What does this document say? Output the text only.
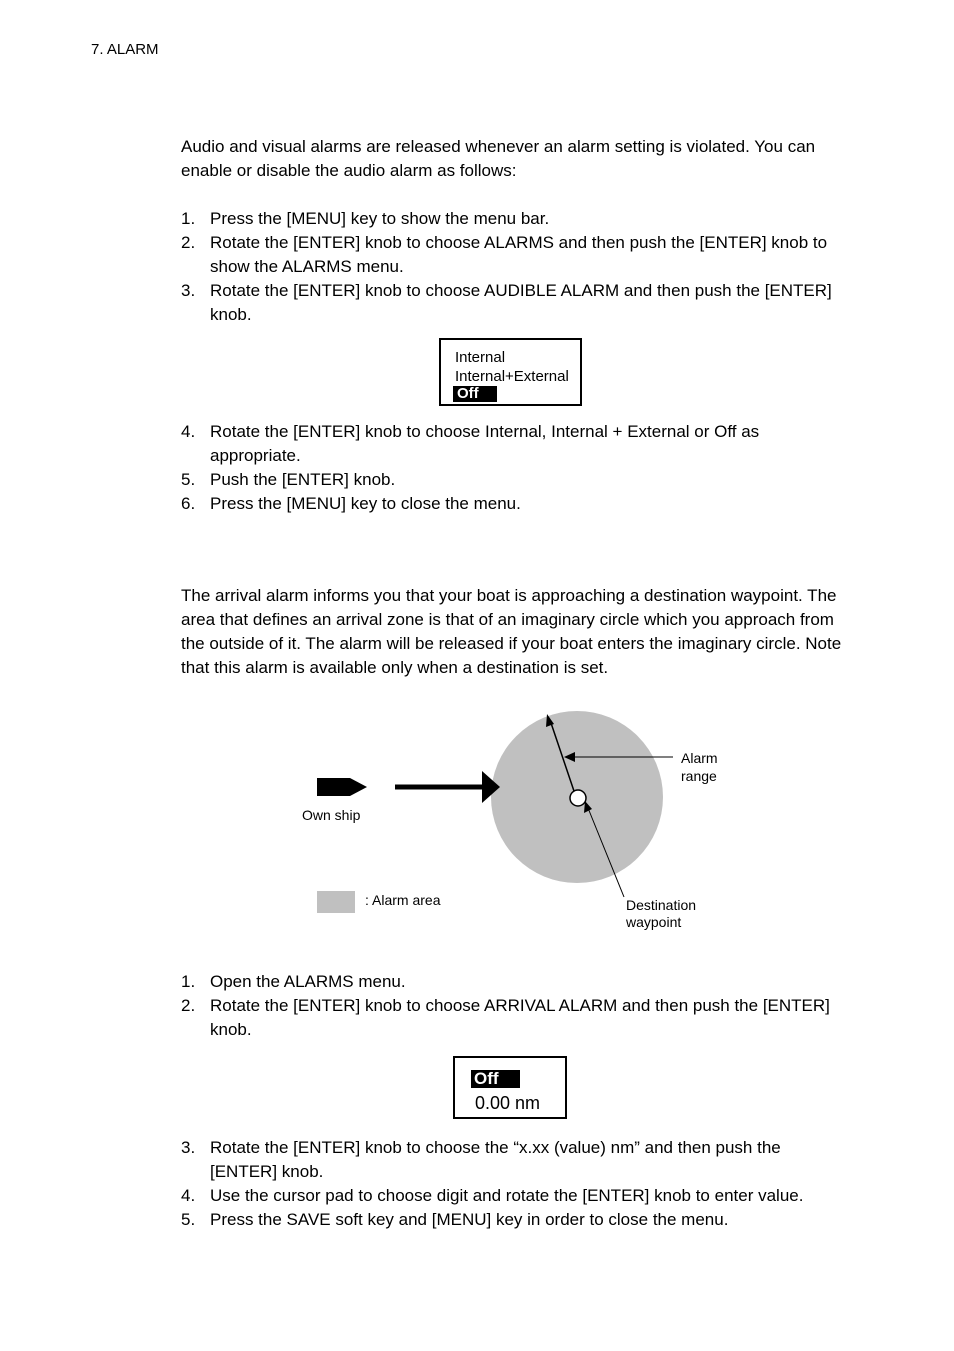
7. ALARM
Audio and visual alarms are released whenever an alarm setting is violated. You can enable or disable the audio alarm as follows:
1. Press the [MENU] key to show the menu bar.
2. Rotate the [ENTER] knob to choose ALARMS and then push the [ENTER] knob to show the ALARMS menu.
3. Rotate the [ENTER] knob to choose AUDIBLE ALARM and then push the [ENTER] knob.
Internal
Internal+External
Off
4. Rotate the [ENTER] knob to choose Internal, Internal + External or Off as appropriate.
5. Push the [ENTER] knob.
6. Press the [MENU] key to close the menu.
The arrival alarm informs you that your boat is approaching a destination waypoint. The area that defines an arrival zone is that of an imaginary circle which you approach from the outside of it. The alarm will be released if your boat enters the imaginary circle. Note that this alarm is available only when a destination is set.
Own ship
Alarm
range
Destination
waypoint
: Alarm area
1. Open the ALARMS menu.
2. Rotate the [ENTER] knob to choose ARRIVAL ALARM and then push the [ENTER] knob.
Off
0.00 nm
3. Rotate the [ENTER] knob to choose the “x.xx (value) nm” and then push the [ENTER] knob.
4. Use the cursor pad to choose digit and rotate the [ENTER] knob to enter value.
5. Press the SAVE soft key and [MENU] key in order to close the menu.
